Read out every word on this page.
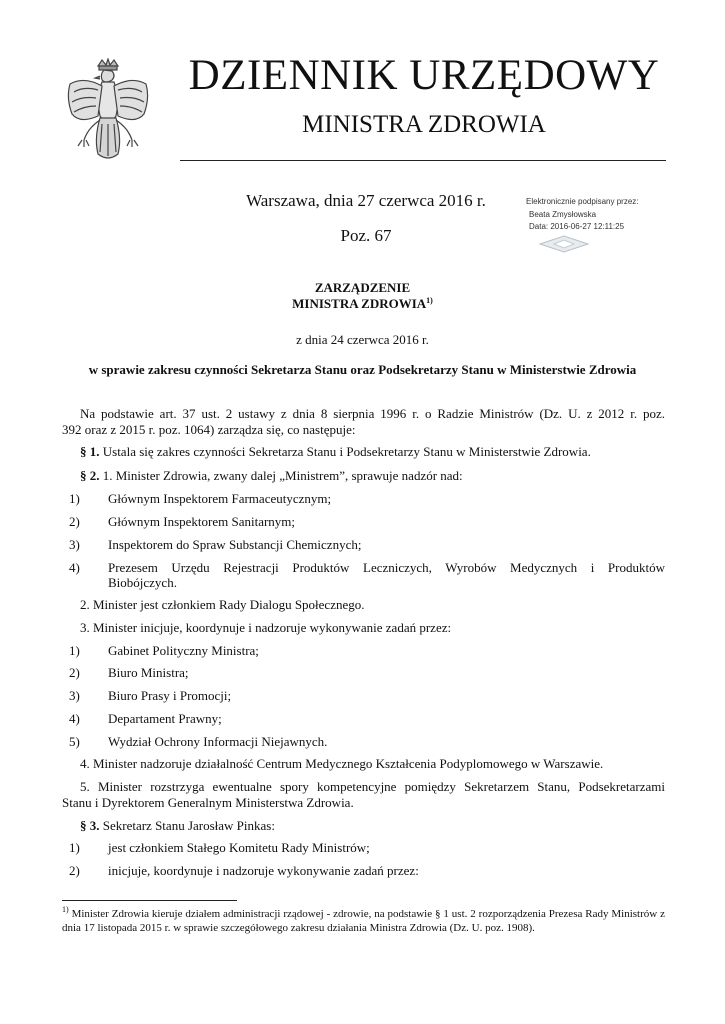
DZIENNIK URZĘDOWY
MINISTRA ZDROWIA
Warszawa, dnia 27 czerwca 2016 r.
Poz. 67
Elektronicznie podpisany przez:
Beata Zmysłowska
Data: 2016-06-27 12:11:25
ZARZĄDZENIE
MINISTRA ZDROWIA$^{1)}$
z dnia 24 czerwca 2016 r.
w sprawie zakresu czynności Sekretarza Stanu oraz Podsekretarzy Stanu w Ministerstwie Zdrowia
Na podstawie art. 37 ust. 2 ustawy z dnia 8 sierpnia 1996 r. o Radzie Ministrów (Dz. U. z 2012 r. poz.
392 oraz z 2015 r. poz. 1064) zarządza się, co następuje:
§ 1. Ustala się zakres czynności Sekretarza Stanu i Podsekretarzy Stanu w Ministerstwie Zdrowia.
§ 2. 1. Minister Zdrowia, zwany dalej „Ministrem”, sprawuje nadzór nad:
1) Głównym Inspektorem Farmaceutycznym;
2) Głównym Inspektorem Sanitarnym;
3) Inspektorem do Spraw Substancji Chemicznych;
4) Prezesem Urzędu Rejestracji Produktów Leczniczych, Wyrobów Medycznych i Produktów
Biobójczych.
2. Minister jest członkiem Rady Dialogu Społecznego.
3. Minister inicjuje, koordynuje i nadzoruje wykonywanie zadań przez:
1) Gabinet Polityczny Ministra;
2) Biuro Ministra;
3) Biuro Prasy i Promocji;
4) Departament Prawny;
5) Wydział Ochrony Informacji Niejawnych.
4. Minister nadzoruje działalność Centrum Medycznego Kształcenia Podyplomowego w Warszawie.
5. Minister rozstrzyga ewentualne spory kompetencyjne pomiędzy Sekretarzem Stanu, Podsekretarzami
Stanu i Dyrektorem Generalnym Ministerstwa Zdrowia.
§ 3. Sekretarz Stanu Jarosław Pinkas:
1) jest członkiem Stałego Komitetu Rady Ministrów;
2) inicjuje, koordynuje i nadzoruje wykonywanie zadań przez:
$^{1)}$ Minister Zdrowia kieruje działem administracji rządowej - zdrowie, na podstawie § 1 ust. 2 rozporządzenia Prezesa Rady Ministrów z dnia 17 listopada 2015 r. w sprawie szczegółowego zakresu działania Ministra Zdrowia (Dz. U. poz. 1908).
